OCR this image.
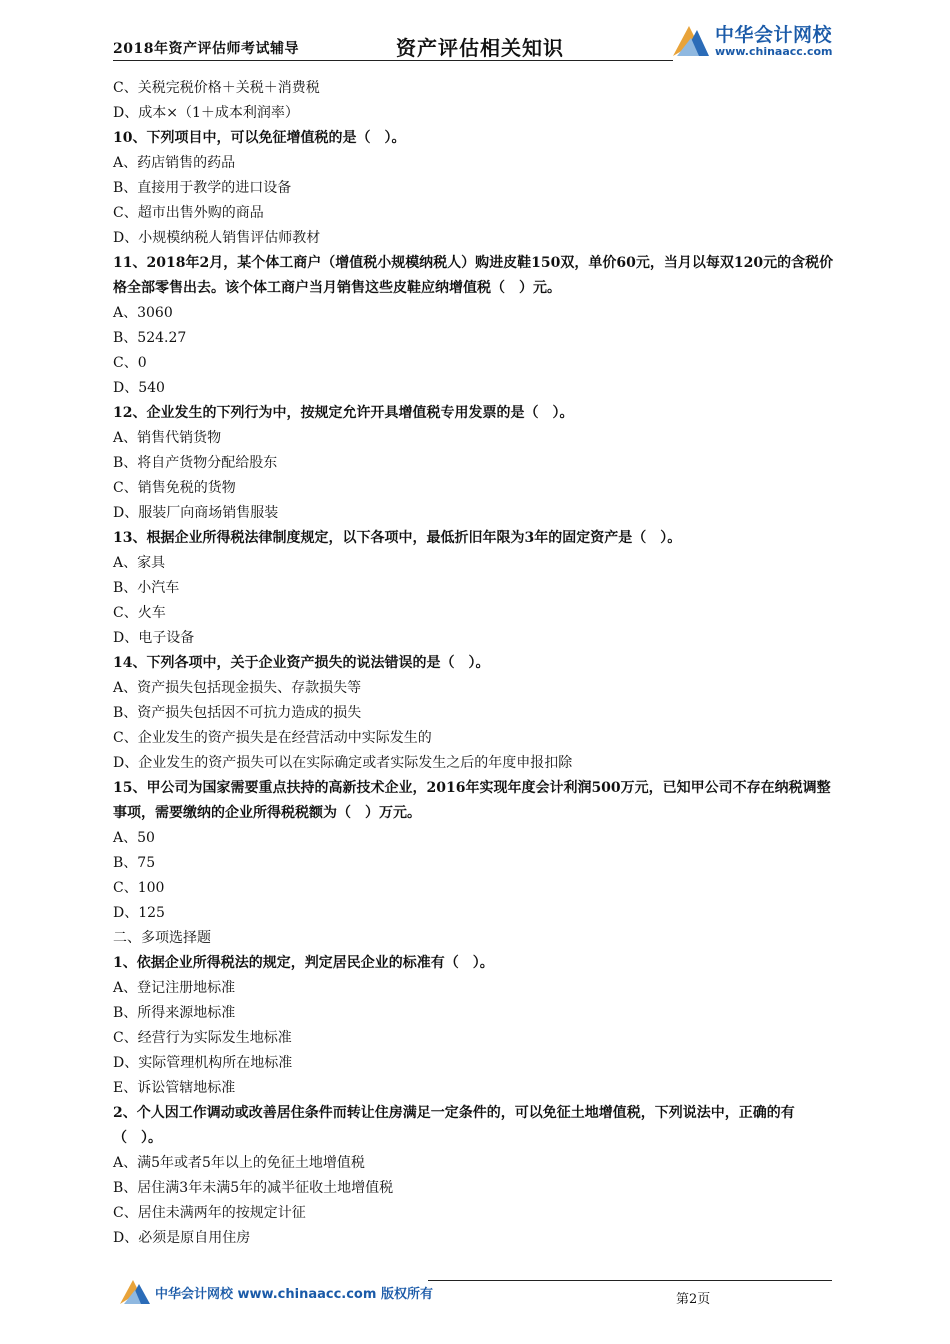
2018年资产评估师考试辅导	资产评估相关知识
中华会计网校
www.chinaacc.com
C、关税完税价格＋关税＋消费税
D、成本×（1＋成本利润率）
10、下列项目中，可以免征增值税的是（　）。
A、药店销售的药品
B、直接用于教学的进口设备
C、超市出售外购的商品
D、小规模纳税人销售评估师教材
11、2018年2月，某个体工商户（增值税小规模纳税人）购进皮鞋150双，单价60元，当月以每双120元的含税价格全部零售出去。该个体工商户当月销售这些皮鞋应纳增值税（　）元。
A、3060
B、524.27
C、0
D、540
12、企业发生的下列行为中，按规定允许开具增值税专用发票的是（　）。
A、销售代销货物
B、将自产货物分配给股东
C、销售免税的货物
D、服装厂向商场销售服装
13、根据企业所得税法律制度规定，以下各项中，最低折旧年限为3年的固定资产是（　）。
A、家具
B、小汽车
C、火车
D、电子设备
14、下列各项中，关于企业资产损失的说法错误的是（　）。
A、资产损失包括现金损失、存款损失等
B、资产损失包括因不可抗力造成的损失
C、企业发生的资产损失是在经营活动中实际发生的
D、企业发生的资产损失可以在实际确定或者实际发生之后的年度申报扣除
15、甲公司为国家需要重点扶持的高新技术企业，2016年实现年度会计利润500万元，已知甲公司不存在纳税调整事项，需要缴纳的企业所得税税额为（　）万元。
A、50
B、75
C、100
D、125
二、多项选择题
1、依据企业所得税法的规定，判定居民企业的标准有（　）。
A、登记注册地标准
B、所得来源地标准
C、经营行为实际发生地标准
D、实际管理机构所在地标准
E、诉讼管辖地标准
2、个人因工作调动或改善居住条件而转让住房满足一定条件的，可以免征土地增值税，下列说法中，正确的有（　）。
A、满5年或者5年以上的免征土地增值税
B、居住满3年未满5年的减半征收土地增值税
C、居住未满两年的按规定计征
D、必须是原自用住房
中华会计网校 www.chinaacc.com 版权所有	第2页
